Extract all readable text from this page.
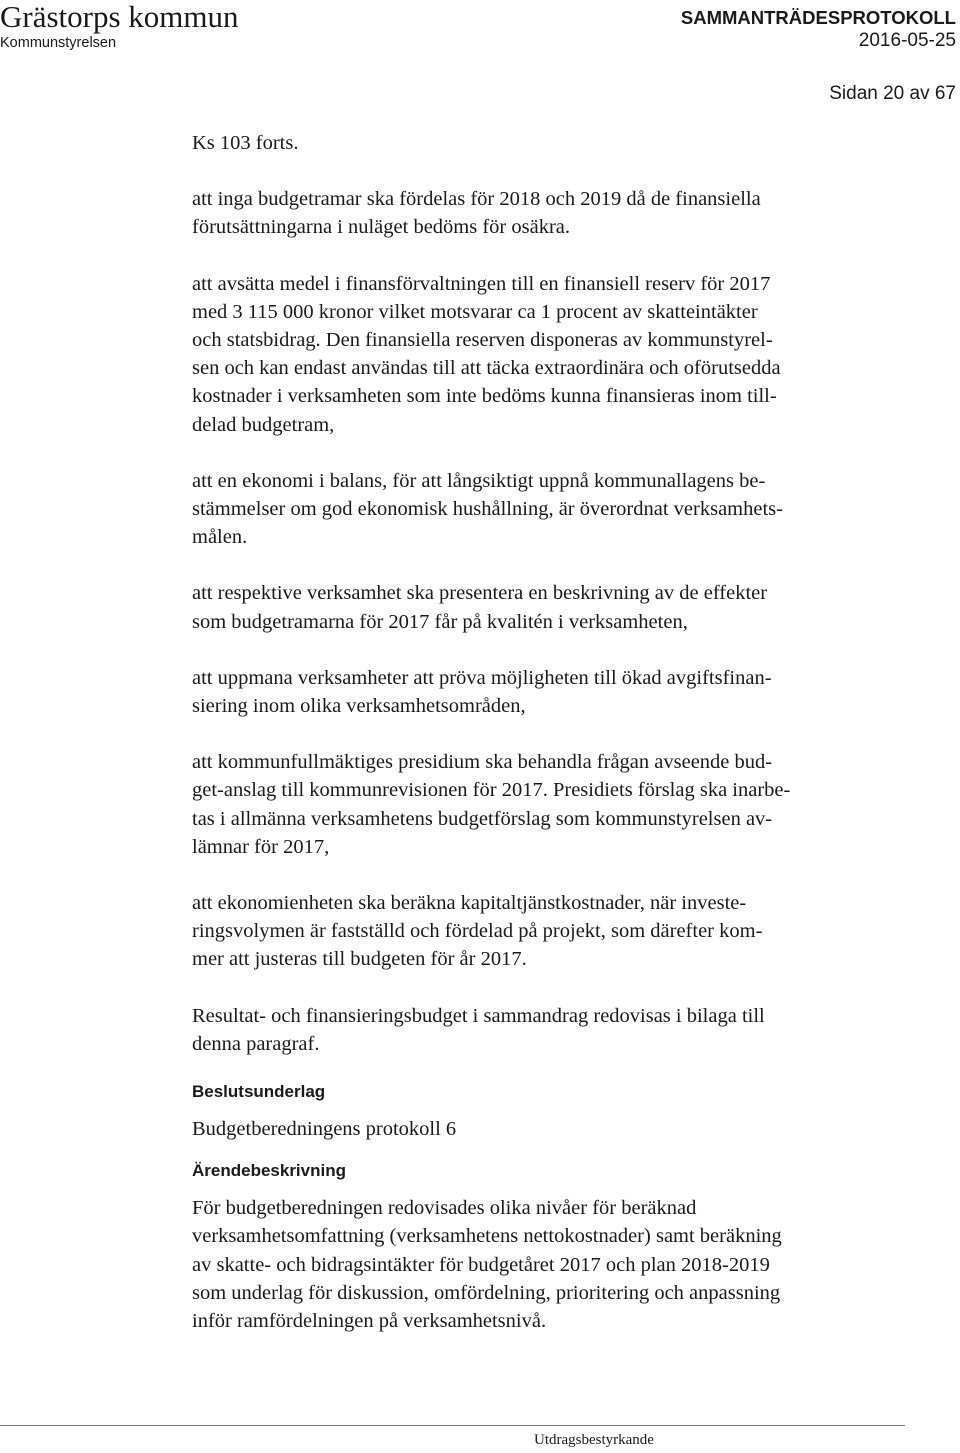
Grästorps kommun
Kommunstyrelsen
SAMMANTRÄDESPROTOKOLL
2016-05-25
Sidan 20 av 67

Ks 103 forts.

att inga budgetramar ska fördelas för 2018 och 2019 då de finansiella

förutsättningarna i nuläget bedöms för osäkra.

att avsätta medel i finansförvaltningen till en finansiell reserv för 2017

med 3 115 000 kronor vilket motsvarar ca 1 procent av skatteintäkter

och statsbidrag. Den finansiella reserven disponeras av kommunstyrel-

sen och kan endast användas till att täcka extraordinära och oförutsedda

kostnader i verksamheten som inte bedöms kunna finansieras inom till-

delad budgetram,

att en ekonomi i balans, för att långsiktigt uppnå kommunallagens be-

stämmelser om god ekonomisk hushållning, är överordnat verksamhets-

målen.

att respektive verksamhet ska presentera en beskrivning av de effekter

som budgetramarna för 2017 får på kvalitén i verksamheten,

att uppmana verksamheter att pröva möjligheten till ökad avgiftsfinan-

siering inom olika verksamhetsområden,

att kommunfullmäktiges presidium ska behandla frågan avseende bud-

get-anslag till kommunrevisionen för 2017. Presidiets förslag ska inarbe-

tas i allmänna verksamhetens budgetförslag som kommunstyrelsen av-

lämnar för 2017,

att ekonomienheten ska beräkna kapitaltjänstkostnader, när investe-

ringsvolymen är fastställd och fördelad på projekt, som därefter kom-

mer att justeras till budgeten för år 2017.

Resultat- och finansieringsbudget i sammandrag redovisas i bilaga till

denna paragraf.

Beslutsunderlag

Budgetberedningens protokoll 6

Ärendebeskrivning

För budgetberedningen redovisades olika nivåer för beräknad

verksamhetsomfattning (verksamhetens nettokostnader) samt beräkning

av skatte- och bidragsintäkter för budgetåret 2017 och plan 2018-2019

som underlag för diskussion, omfördelning, prioritering och anpassning

inför ramfördelningen på verksamhetsnivå.

Utdragsbestyrkande
